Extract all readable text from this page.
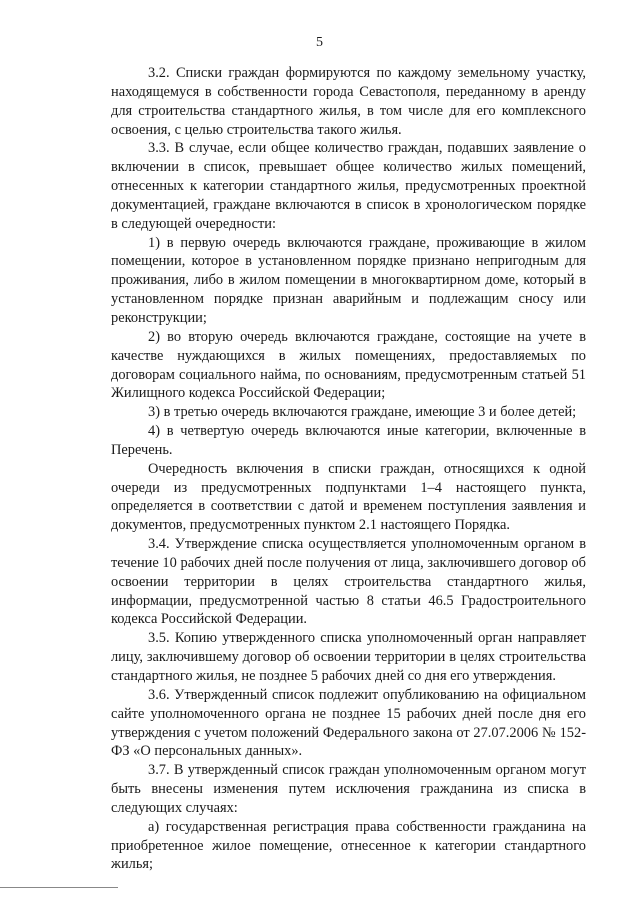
5

3.2. Списки граждан формируются по каждому земельному участку, находящемуся в собственности города Севастополя, переданному в аренду для строительства стандартного жилья, в том числе для его комплексного освоения, с целью строительства такого жилья.

3.3. В случае, если общее количество граждан, подавших заявление о включении в список, превышает общее количество жилых помещений, отнесенных к категории стандартного жилья, предусмотренных проектной документацией, граждане включаются в список в хронологическом порядке в следующей очередности:

1) в первую очередь включаются граждане, проживающие в жилом помещении, которое в установленном порядке признано непригодным для проживания, либо в жилом помещении в многоквартирном доме, который в установленном порядке признан аварийным и подлежащим сносу или реконструкции;

2) во вторую очередь включаются граждане, состоящие на учете в качестве нуждающихся в жилых помещениях, предоставляемых по договорам социального найма, по основаниям, предусмотренным статьей 51 Жилищного кодекса Российской Федерации;

3) в третью очередь включаются граждане, имеющие 3 и более детей;

4) в четвертую очередь включаются иные категории, включенные в Перечень.

Очередность включения в списки граждан, относящихся к одной очереди из предусмотренных подпунктами 1–4 настоящего пункта, определяется в соответствии с датой и временем поступления заявления и документов, предусмотренных пунктом 2.1 настоящего Порядка.

3.4. Утверждение списка осуществляется уполномоченным органом в течение 10 рабочих дней после получения от лица, заключившего договор об освоении территории в целях строительства стандартного жилья, информации, предусмотренной частью 8 статьи 46.5 Градостроительного кодекса Российской Федерации.

3.5. Копию утвержденного списка уполномоченный орган направляет лицу, заключившему договор об освоении территории в целях строительства стандартного жилья, не позднее 5 рабочих дней со дня его утверждения.

3.6. Утвержденный список подлежит опубликованию на официальном сайте уполномоченного органа не позднее 15 рабочих дней после дня его утверждения с учетом положений Федерального закона от 27.07.2006 № 152-ФЗ «О персональных данных».

3.7. В утвержденный список граждан уполномоченным органом могут быть внесены изменения путем исключения гражданина из списка в следующих случаях:

а) государственная регистрация права собственности гражданина на приобретенное жилое помещение, отнесенное к категории стандартного жилья;
